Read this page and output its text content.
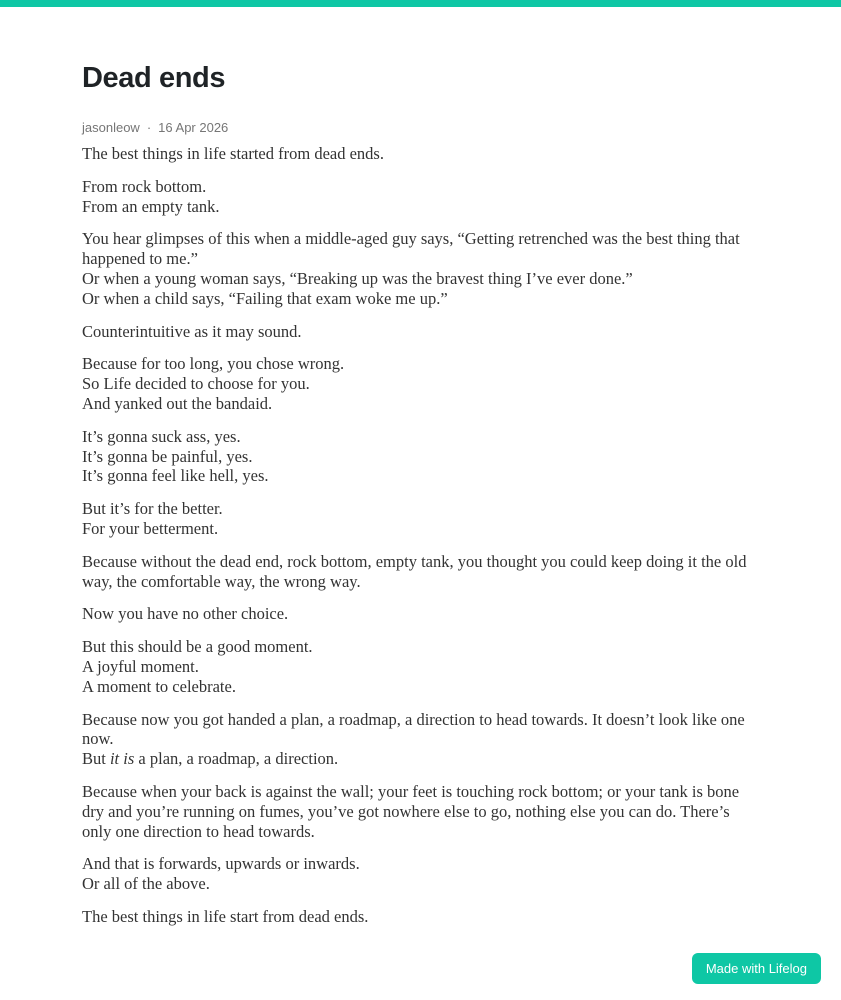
Dead ends
jasonleow · 16 Apr 2026

The best things in life started from dead ends.

From rock bottom.
From an empty tank.

You hear glimpses of this when a middle-aged guy says, “Getting retrenched was the best thing that happened to me.”
Or when a young woman says, “Breaking up was the bravest thing I’ve ever done.”
Or when a child says, “Failing that exam woke me up.”

Counterintuitive as it may sound.

Because for too long, you chose wrong.
So Life decided to choose for you.
And yanked out the bandaid.

It’s gonna suck ass, yes.
It’s gonna be painful, yes.
It’s gonna feel like hell, yes.

But it’s for the better.
For your betterment.

Because without the dead end, rock bottom, empty tank, you thought you could keep doing it the old way, the comfortable way, the wrong way.

Now you have no other choice.

But this should be a good moment.
A joyful moment.
A moment to celebrate.

Because now you got handed a plan, a roadmap, a direction to head towards. It doesn’t look like one now.
But it is a plan, a roadmap, a direction.

Because when your back is against the wall; your feet is touching rock bottom; or your tank is bone dry and you’re running on fumes, you’ve got nowhere else to go, nothing else you can do. There’s only one direction to head towards.

And that is forwards, upwards or inwards.
Or all of the above.

The best things in life start from dead ends.

Made with Lifelog
